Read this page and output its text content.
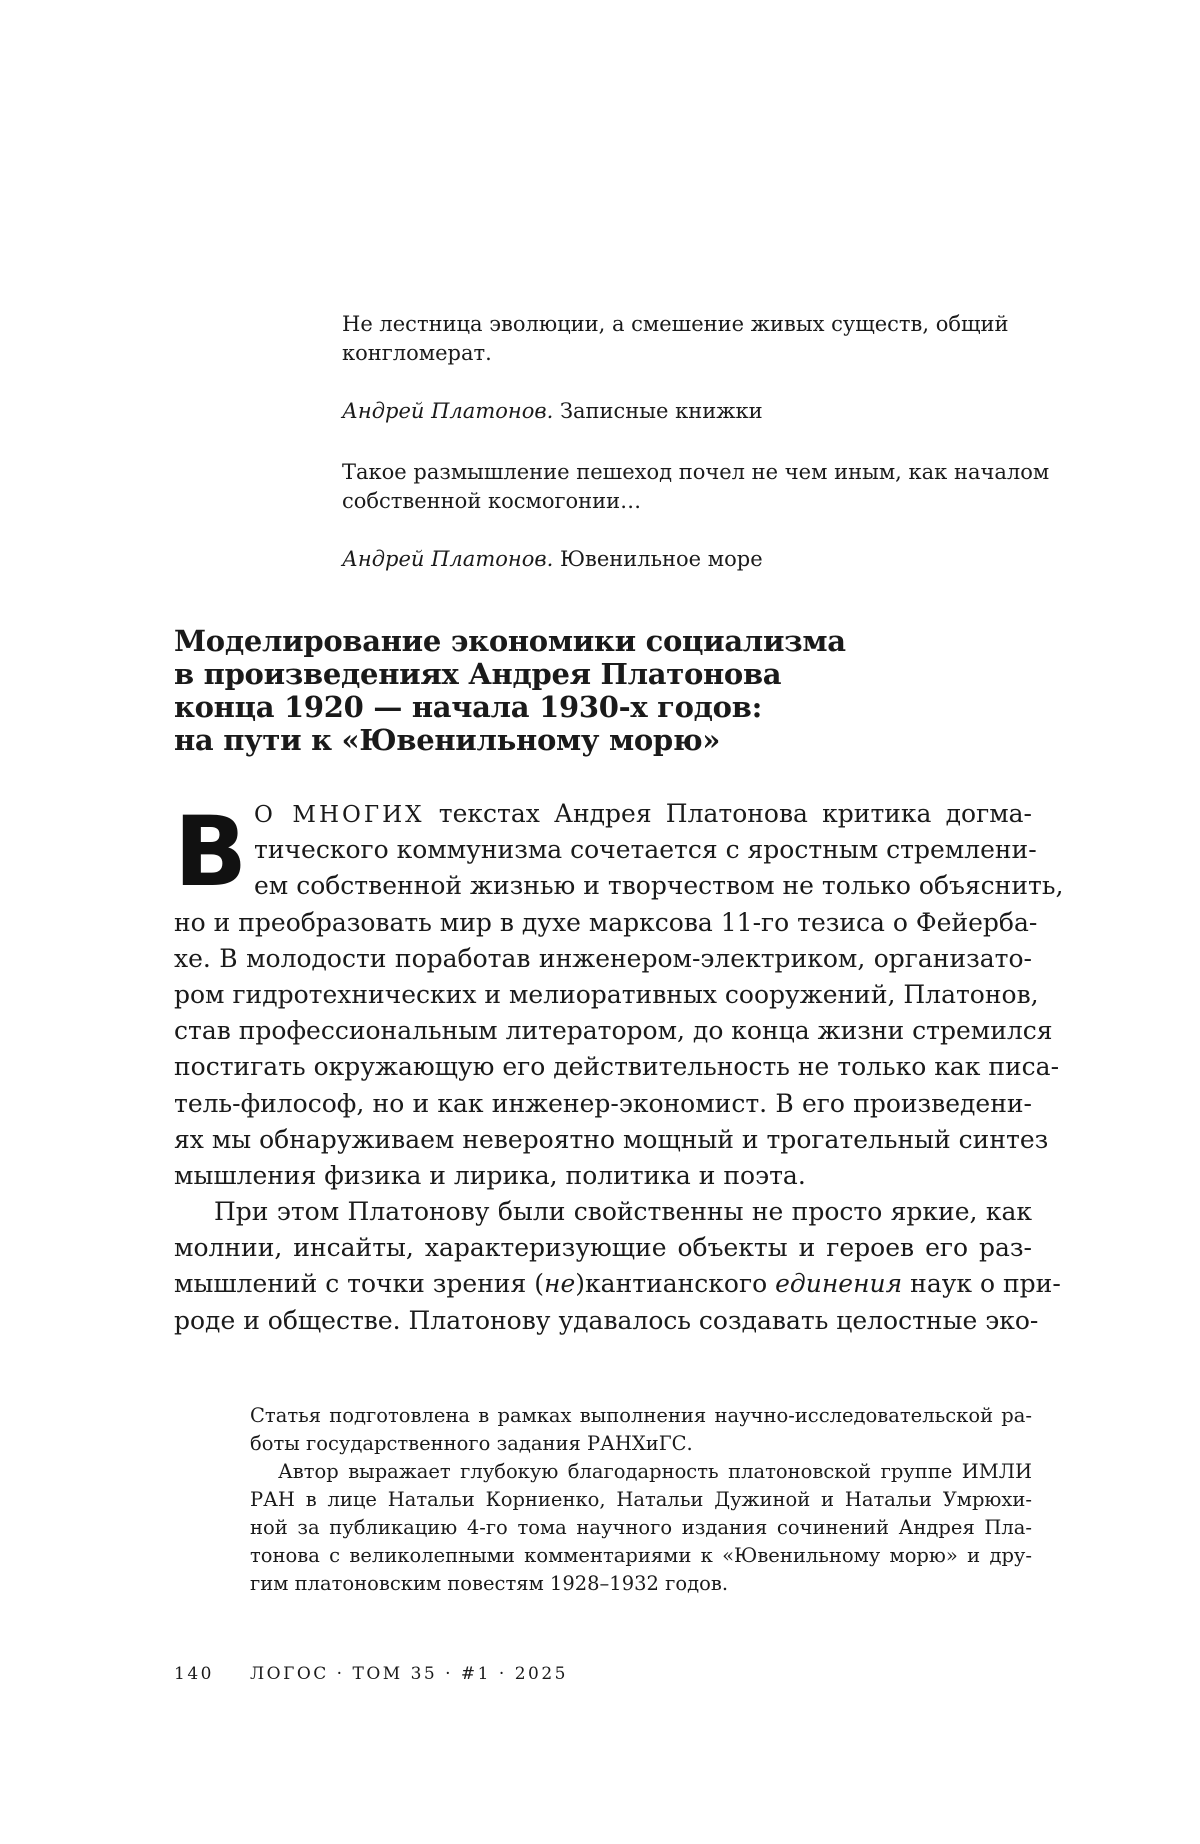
Не лестница эволюции, а смешение живых существ, общий
конгломерат.

Андрей Платонов. Записные книжки

Такое размышление пешеход почел не чем иным, как началом
собственной космогонии…

Андрей Платонов. Ювенильное море

Моделирование экономики социализма
в произведениях Андрея Платонова
конца 1920 — начала 1930-х годов:
на пути к «Ювенильному морю»
В О МНОГИХ текстах Андрея Платонова критика догма-
тического коммунизма сочетается с яростным стремлени-
ем собственной жизнью и творчеством не только объяснить,
но и преобразовать мир в духе марксова 11-го тезиса о Фейерба-
хе. В молодости поработав инженером-электриком, организато-
ром гидротехнических и мелиоративных сооружений, Платонов,
став профессиональным литератором, до конца жизни стремился
постигать окружающую его действительность не только как писа-
тель-философ, но и как инженер-экономист. В его произведени-
ях мы обнаруживаем невероятно мощный и трогательный синтез
мышления физика и лирика, политика и поэта.
При этом Платонову были свойственны не просто яркие, как
молнии, инсайты, характеризующие объекты и героев его раз-
мышлений с точки зрения (не)кантианского единения наук о при-
роде и обществе. Платонову удавалось создавать целостные эко-
Статья подготовлена в рамках выполнения научно-исследовательской ра-
боты государственного задания РАНХиГС.
Автор выражает глубокую благодарность платоновской группе ИМЛИ
РАН в лице Натальи Корниенко, Натальи Дужиной и Натальи Умрюхи-
ной за публикацию 4-го тома научного издания сочинений Андрея Пла-
тонова с великолепными комментариями к «Ювенильному морю» и дру-
гим платоновским повестям 1928–1932 годов.
140 ЛОГОС · ТОМ 35 · #1 · 2025
